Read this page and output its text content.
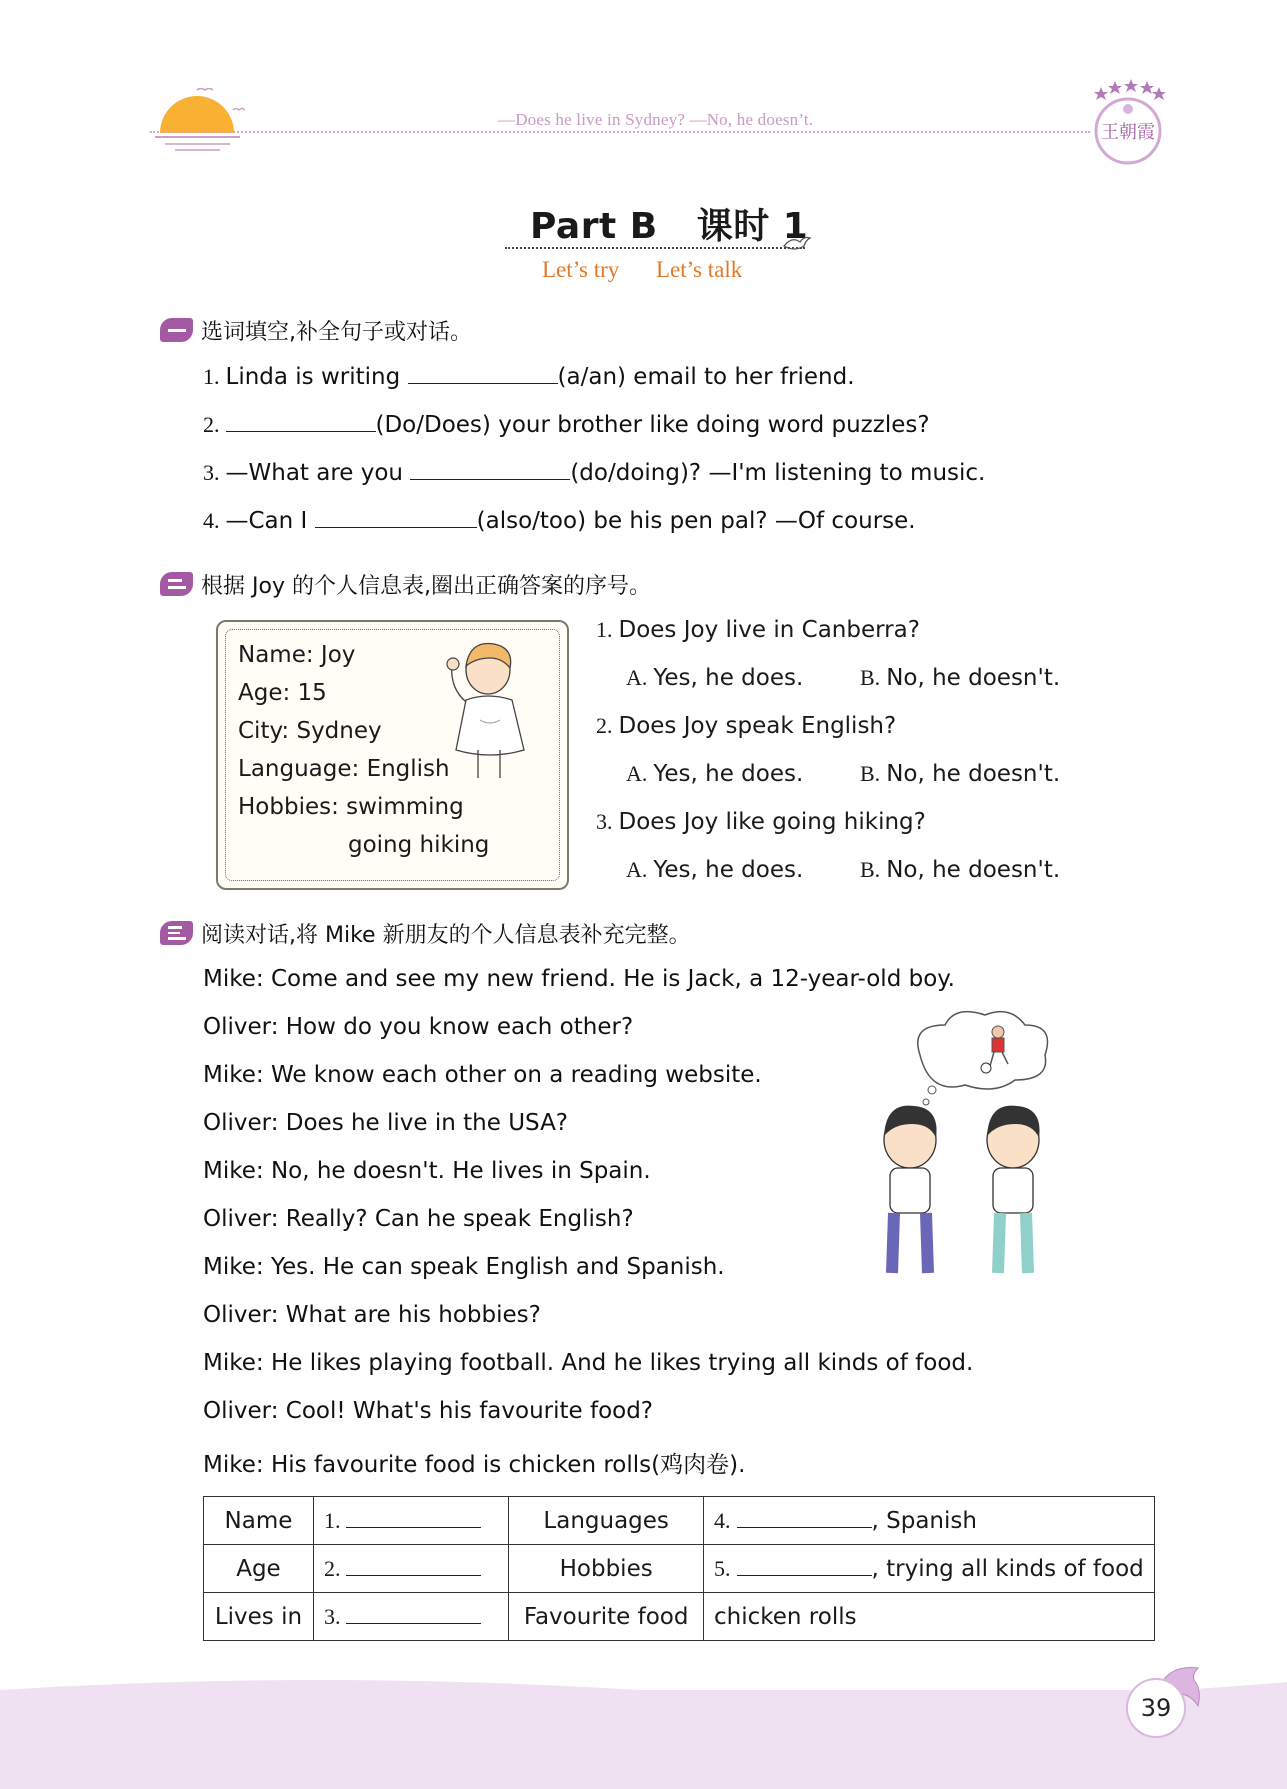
—Does he live in Sydney? —No, he doesn’t.
王朝霞
Part B   课时 1
Let’s try Let’s talk
选词填空,补全句子或对话。
1. Linda is writing	(a/an) email to her friend.
2.	(Do/Does) your brother like doing word puzzles?
3. —What are you	(do/doing)? —I'm listening to music.
4. —Can I	(also/too) be his pen pal? —Of course.
根据 Joy 的个人信息表,圈出正确答案的序号。
Name: Joy
Age: 15
City: Sydney
Language: English
Hobbies: swimming
going hiking
1. Does Joy live in Canberra?
A. Yes, he does.	B. No, he doesn't.
2. Does Joy speak English?
A. Yes, he does.	B. No, he doesn't.
3. Does Joy like going hiking?
A. Yes, he does.	B. No, he doesn't.
阅读对话,将 Mike 新朋友的个人信息表补充完整。
Mike: Come and see my new friend. He is Jack, a 12-year-old boy.
Oliver: How do you know each other?
Mike: We know each other on a reading website.
Oliver: Does he live in the USA?
Mike: No, he doesn't. He lives in Spain.
Oliver: Really? Can he speak English?
Mike: Yes. He can speak English and Spanish.
Oliver: What are his hobbies?
Mike: He likes playing football. And he likes trying all kinds of food.
Oliver: Cool! What's his favourite food?
Mike: His favourite food is chicken rolls(鸡肉卷).
Name	1.	Languages	4. , Spanish
Age	2.	Hobbies	5. , trying all kinds of food
Lives in	3.	Favourite food	chicken rolls
39
